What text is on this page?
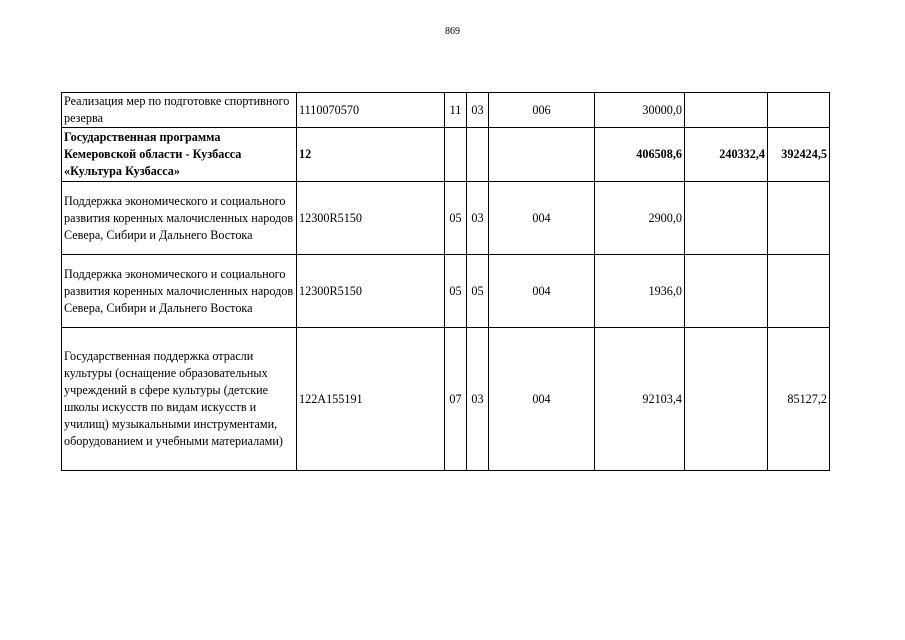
869
Реализация мер по подготовке спортивного резерва	1110070570	11	03	006	30000,0		
Государственная программа Кемеровской области - Кузбасса «Культура Кузбасса»	12				406508,6	240332,4	392424,5
Поддержка экономического и социального развития коренных малочисленных народов Севера, Сибири и Дальнего Востока	12300R5150	05	03	004	2900,0		
Поддержка экономического и социального развития коренных малочисленных народов Севера, Сибири и Дальнего Востока	12300R5150	05	05	004	1936,0		
Государственная поддержка отрасли культуры (оснащение образовательных учреждений в сфере культуры (детские школы искусств по видам искусств и училищ) музыкальными инструментами, оборудованием и учебными материалами)	122A155191	07	03	004	92103,4		85127,2
